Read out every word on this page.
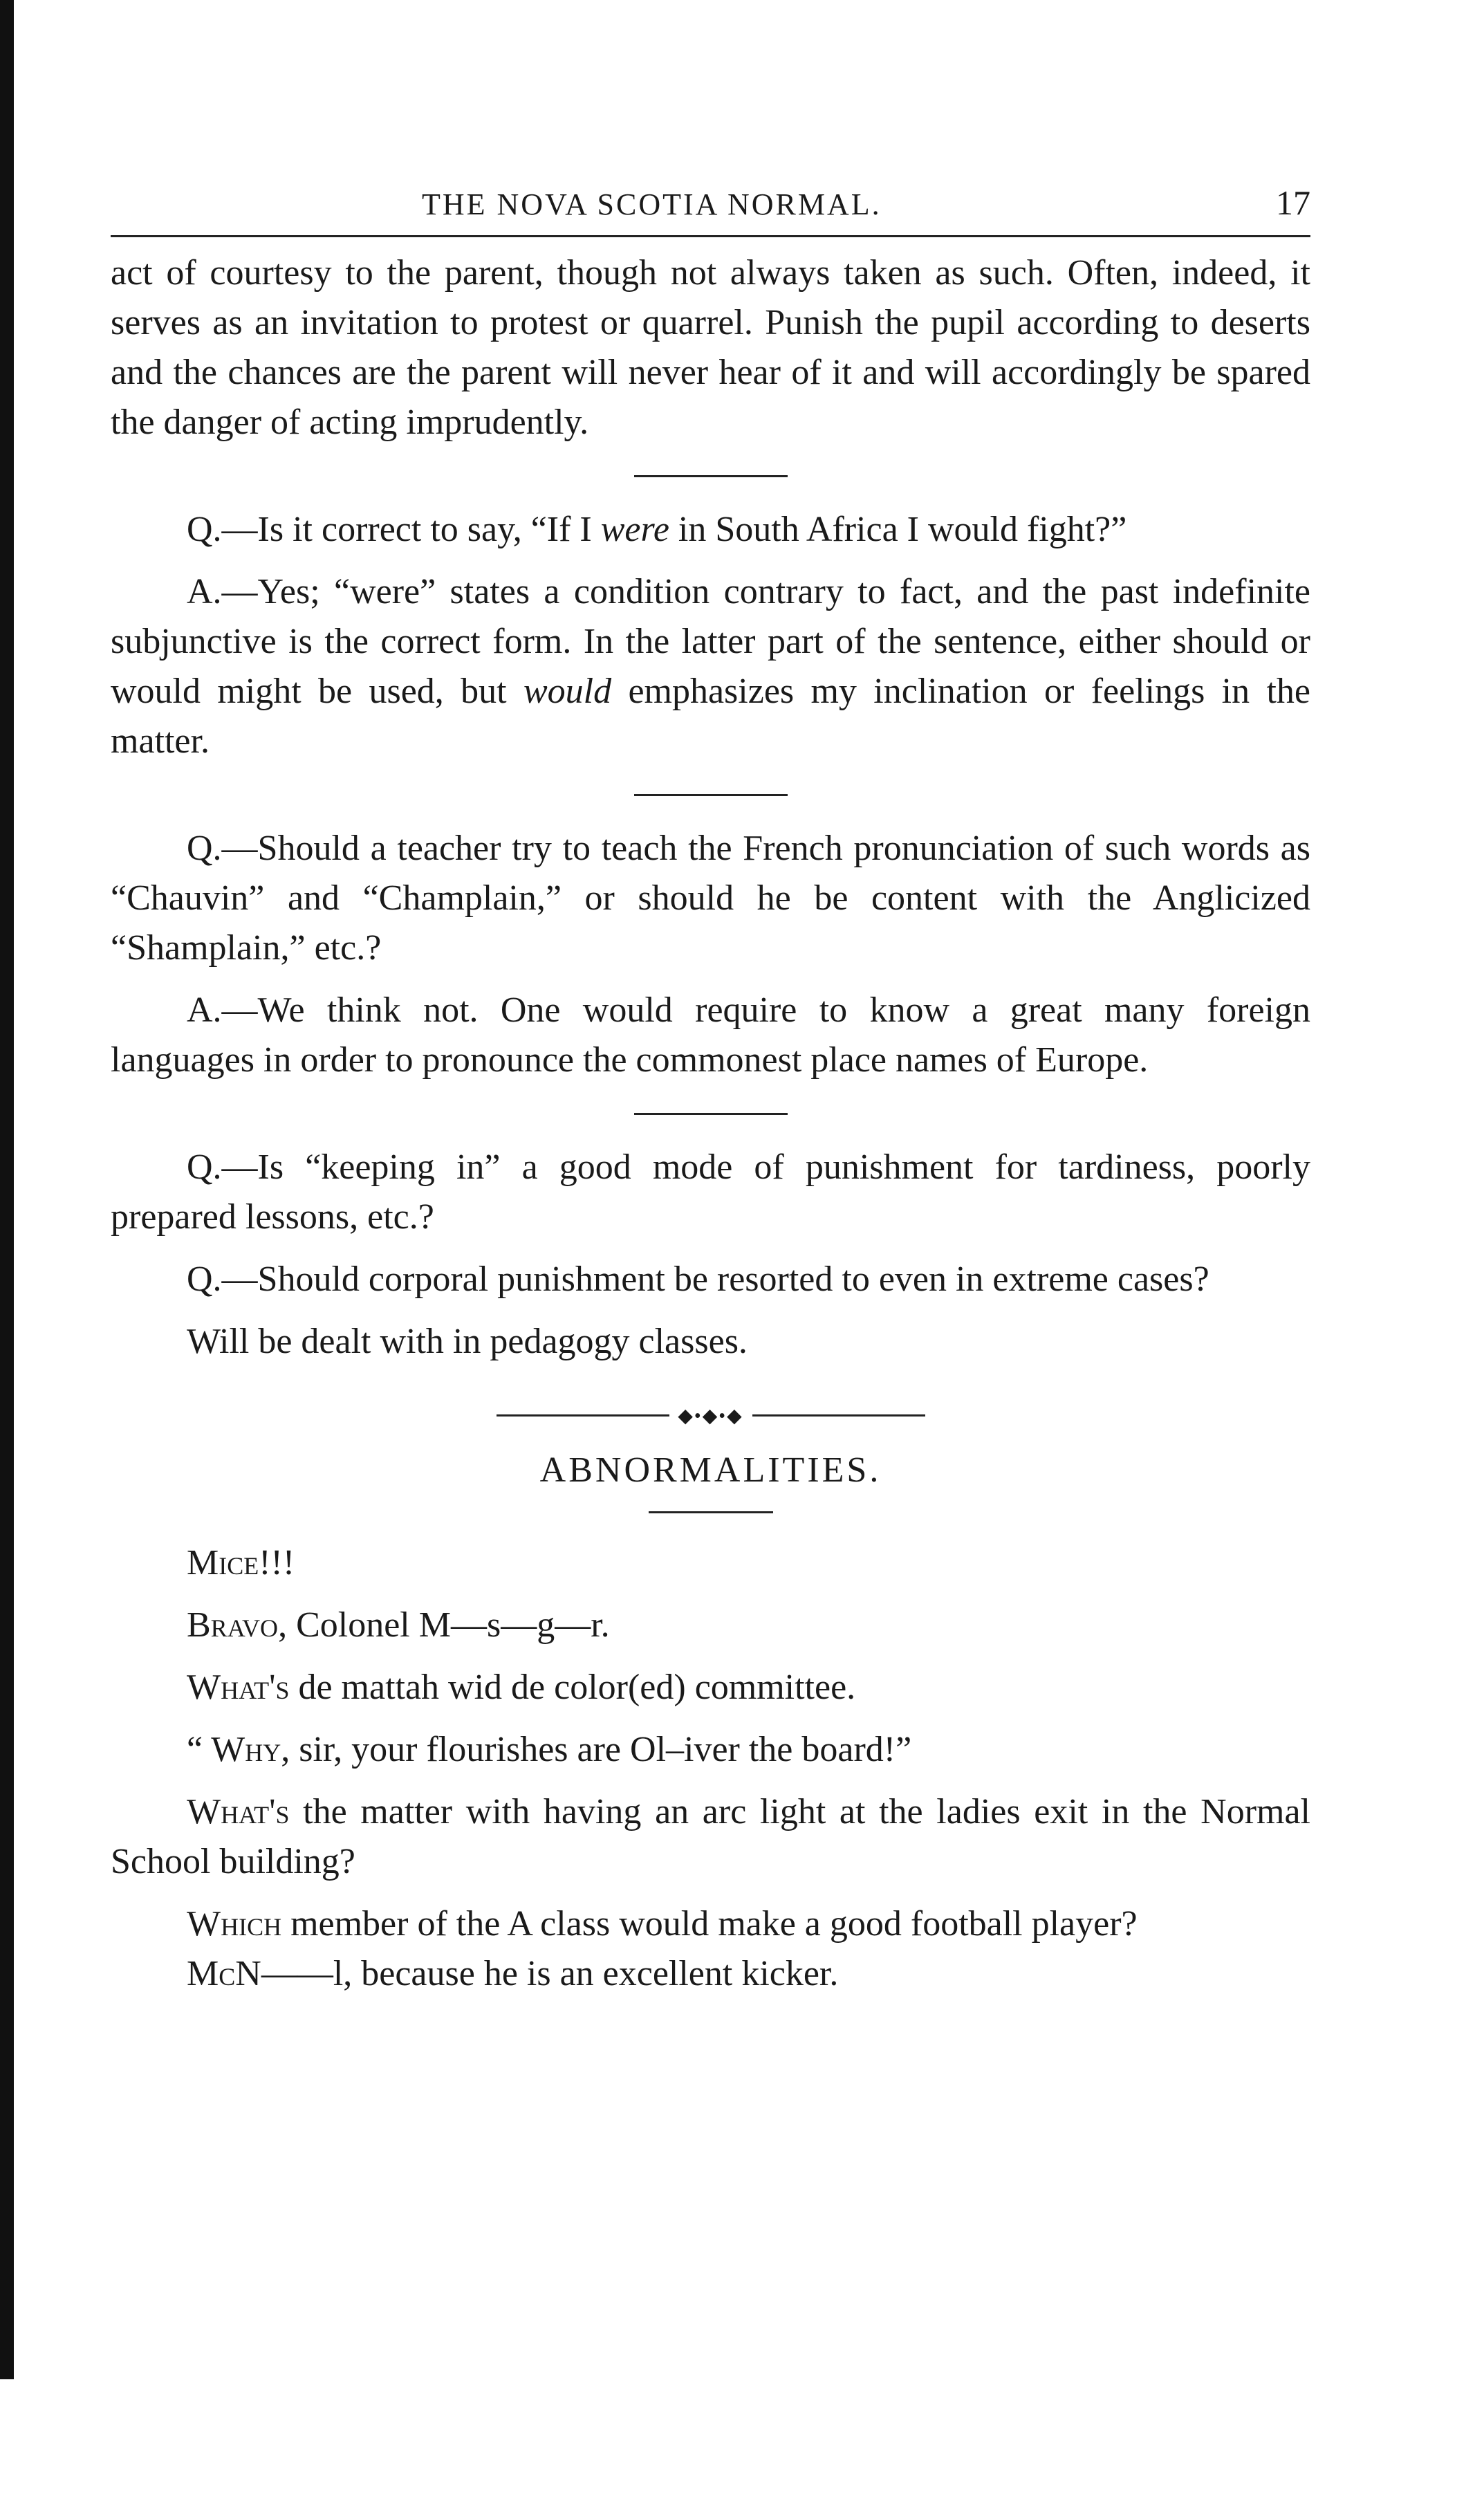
THE NOVA SCOTIA NORMAL.	17

act of courtesy to the parent, though not always taken as such. Often, indeed, it serves as an invitation to protest or quarrel. Punish the pupil according to deserts and the chances are the parent will never hear of it and will accordingly be spared the danger of acting imprudently.

Q.—Is it correct to say, “If I were in South Africa I would fight?”

A.—Yes; “were” states a condition contrary to fact, and the past indefinite subjunctive is the correct form. In the latter part of the sentence, either should or would might be used, but would emphasizes my inclination or feelings in the matter.

Q.—Should a teacher try to teach the French pronunciation of such words as “Chauvin” and “Champlain,” or should he be content with the Anglicized “Shamplain,” etc.?

A.—We think not. One would require to know a great many foreign languages in order to pronounce the commonest place names of Europe.

Q.—Is “keeping in” a good mode of punishment for tardiness, poorly prepared lessons, etc.?

Q.—Should corporal punishment be resorted to even in extreme cases?

Will be dealt with in pedagogy classes.

◆•◆•◆
ABNORMALITIES.

Mice!!!

Bravo, Colonel M—s—g—r.

What's de mattah wid de color(ed) committee.

“ Why, sir, your flourishes are Ol–iver the board!”

What's the matter with having an arc light at the ladies exit in the Normal School building?

Which member of the A class would make a good football player?

McN——l, because he is an excellent kicker.
